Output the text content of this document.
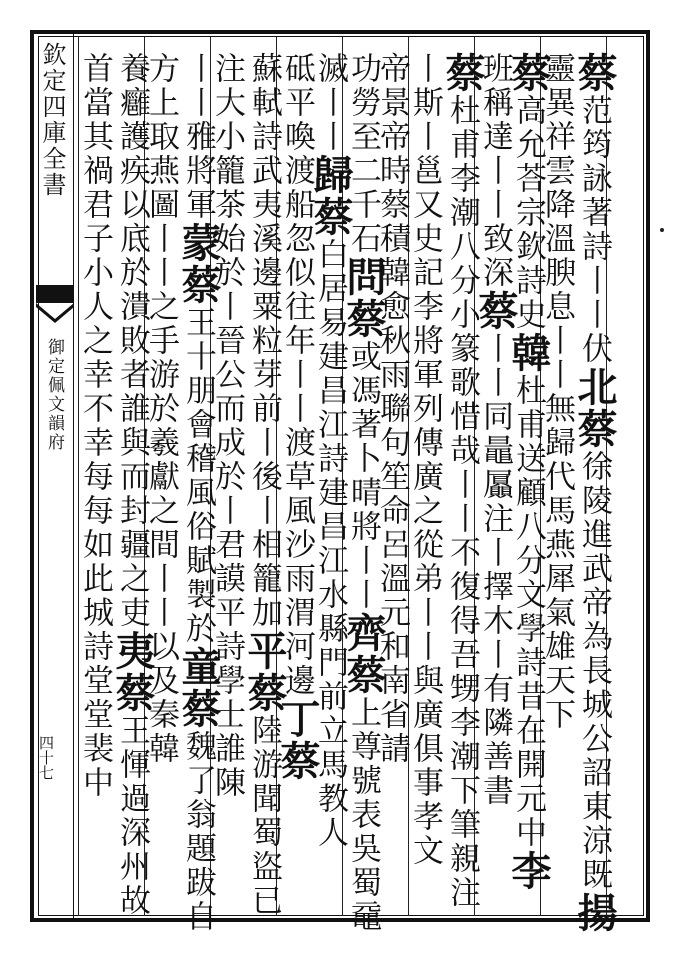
欽定四庫全書
御定佩文韻府
四十七
蔡范筠詠著詩丨丨伏北蔡徐陵進武帝為長城公詔東涼既揚
靈異祥雲降溫腴息丨丨無歸代馬燕犀氣雄天下
蔡高允荅宗欽詩史韓杜甫送顧八分文學詩昔在開元中李
班稱達丨丨致深蔡丨丨同鼂屭注丨擇木丨有隣善書
蔡杜甫李潮八分小篆歌惜哉丨丨不復得吾甥李潮下筆親注
丨斯丨邕又史記李將軍列傳廣之從弟丨丨與廣俱事孝文
帝景帝時蔡積韓愈秋雨聯句笙命呂溫元和南省請
功勞至二千石問蔡或馮著卜晴將丨丨齊蔡上尊號表吳蜀黿
滅丨丨歸蔡白居易建昌江詩建昌江水縣門前立馬教人
砥平喚渡船忽似往年丨丨渡草風沙雨渭河邊丁蔡
蘇軾詩武夷溪邊粟粒芽前丨後丨相籠加平蔡陸游聞蜀盜已
注大小籠茶始於丨晉公而成於丨君謨平詩學士誰陳
丨丨雅將軍蒙蔡王十朋會稽風俗賦製於童蔡魏了翁題跋自
方上取燕圖丨丨之手游於羲獻之間丨丨以及秦韓
養癰護疾以底於潰敗者誰與而封疆之吏夷蔡王惲過深州故
首當其禍君子小人之幸不幸每每如此城詩堂堂裴中
